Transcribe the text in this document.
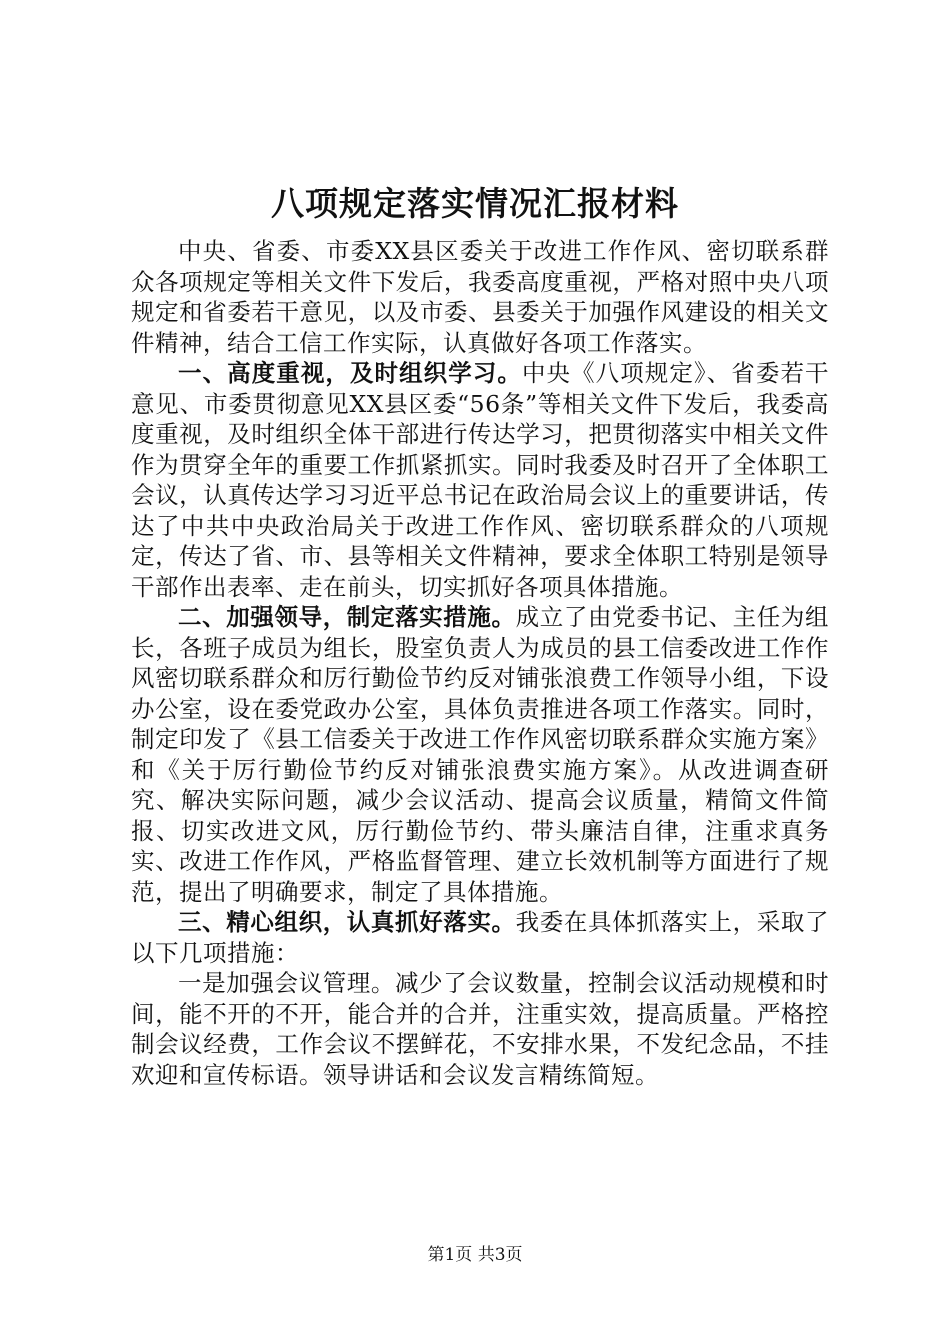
八项规定落实情况汇报材料

中央、省委、市委XX县区委关于改进工作作风、密切联系群众各项规定等相关文件下发后，我委高度重视，严格对照中央八项规定和省委若干意见，以及市委、县委关于加强作风建设的相关文件精神，结合工信工作实际，认真做好各项工作落实。

一、高度重视，及时组织学习。中央《八项规定》、省委若干意见、市委贯彻意见XX县区委“56条”等相关文件下发后，我委高度重视，及时组织全体干部进行传达学习，把贯彻落实中相关文件作为贯穿全年的重要工作抓紧抓实。同时我委及时召开了全体职工会议，认真传达学习习近平总书记在政治局会议上的重要讲话，传达了中共中央政治局关于改进工作作风、密切联系群众的八项规定，传达了省、市、县等相关文件精神，要求全体职工特别是领导干部作出表率、走在前头，切实抓好各项具体措施。

二、加强领导，制定落实措施。成立了由党委书记、主任为组长，各班子成员为组长，股室负责人为成员的县工信委改进工作作风密切联系群众和厉行勤俭节约反对铺张浪费工作领导小组，下设办公室，设在委党政办公室，具体负责推进各项工作落实。同时，制定印发了《县工信委关于改进工作作风密切联系群众实施方案》和《关于厉行勤俭节约反对铺张浪费实施方案》。从改进调查研究、解决实际问题，减少会议活动、提高会议质量，精简文件简报、切实改进文风，厉行勤俭节约、带头廉洁自律，注重求真务实、改进工作作风，严格监督管理、建立长效机制等方面进行了规范，提出了明确要求，制定了具体措施。

三、精心组织，认真抓好落实。我委在具体抓落实上，采取了以下几项措施：

一是加强会议管理。减少了会议数量，控制会议活动规模和时间，能不开的不开，能合并的合并，注重实效，提高质量。严格控制会议经费，工作会议不摆鲜花，不安排水果，不发纪念品，不挂欢迎和宣传标语。领导讲话和会议发言精练简短。

第1页 共3页
